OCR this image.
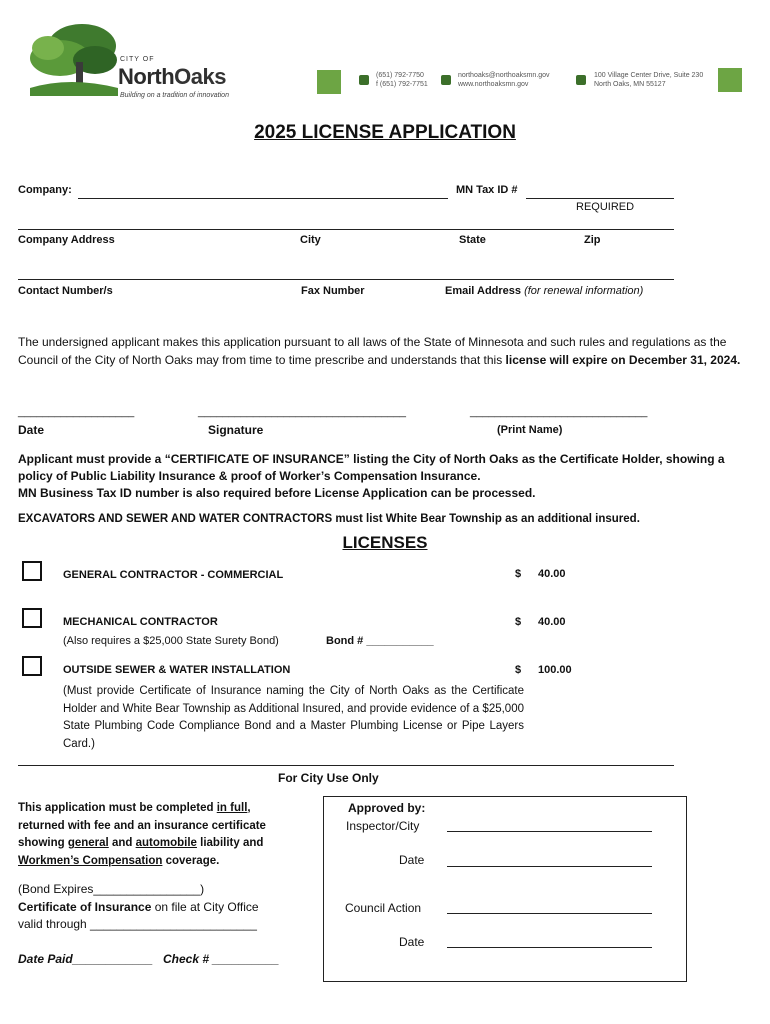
CITY OF
NorthOaks
Building on a tradition of innovation
(651) 792-7750
f (651) 792-7751
northoaks@northoaksmn.gov
www.northoaksmn.gov
100 Village Center Drive, Suite 230
North Oaks, MN 55127
2025 LICENSE APPLICATION
Company:	MN Tax ID #
REQUIRED
Company Address	City	State	Zip
Contact Number/s	Fax Number	Email Address (for renewal information)
The undersigned applicant makes this application pursuant to all laws of the State of Minnesota and such rules and regulations as the Council of the City of North Oaks may from time to time prescribe and understands that this license will expire on December 31, 2024.
___________________	__________________________________	_____________________________
Date	Signature	(Print Name)
Applicant must provide a “CERTIFICATE OF INSURANCE” listing the City of North Oaks as the Certificate Holder, showing a policy of Public Liability Insurance & proof of Worker’s Compensation Insurance.
MN Business Tax ID number is also required before License Application can be processed.
EXCAVATORS AND SEWER AND WATER CONTRACTORS must list White Bear Township as an additional insured.
LICENSES
GENERAL CONTRACTOR - COMMERCIAL	$ 40.00
MECHANICAL CONTRACTOR	$ 40.00
(Also requires a $25,000 State Surety Bond)	Bond # ___________
OUTSIDE SEWER & WATER INSTALLATION	$ 100.00
(Must provide Certificate of Insurance naming the City of North Oaks as the Certificate Holder and White Bear Township as Additional Insured, and provide evidence of a $25,000 State Plumbing Code Compliance Bond and a Master Plumbing License or Pipe Layers Card.)
For City Use Only
This application must be completed in full,
returned with fee and an insurance certificate
showing general and automobile liability and
Workmen’s Compensation coverage.
(Bond Expires________________)
Certificate of Insurance on file at City Office
valid through _________________________
Date Paid____________ Check # __________
Approved by:
Inspector/City
Date
Council Action
Date
